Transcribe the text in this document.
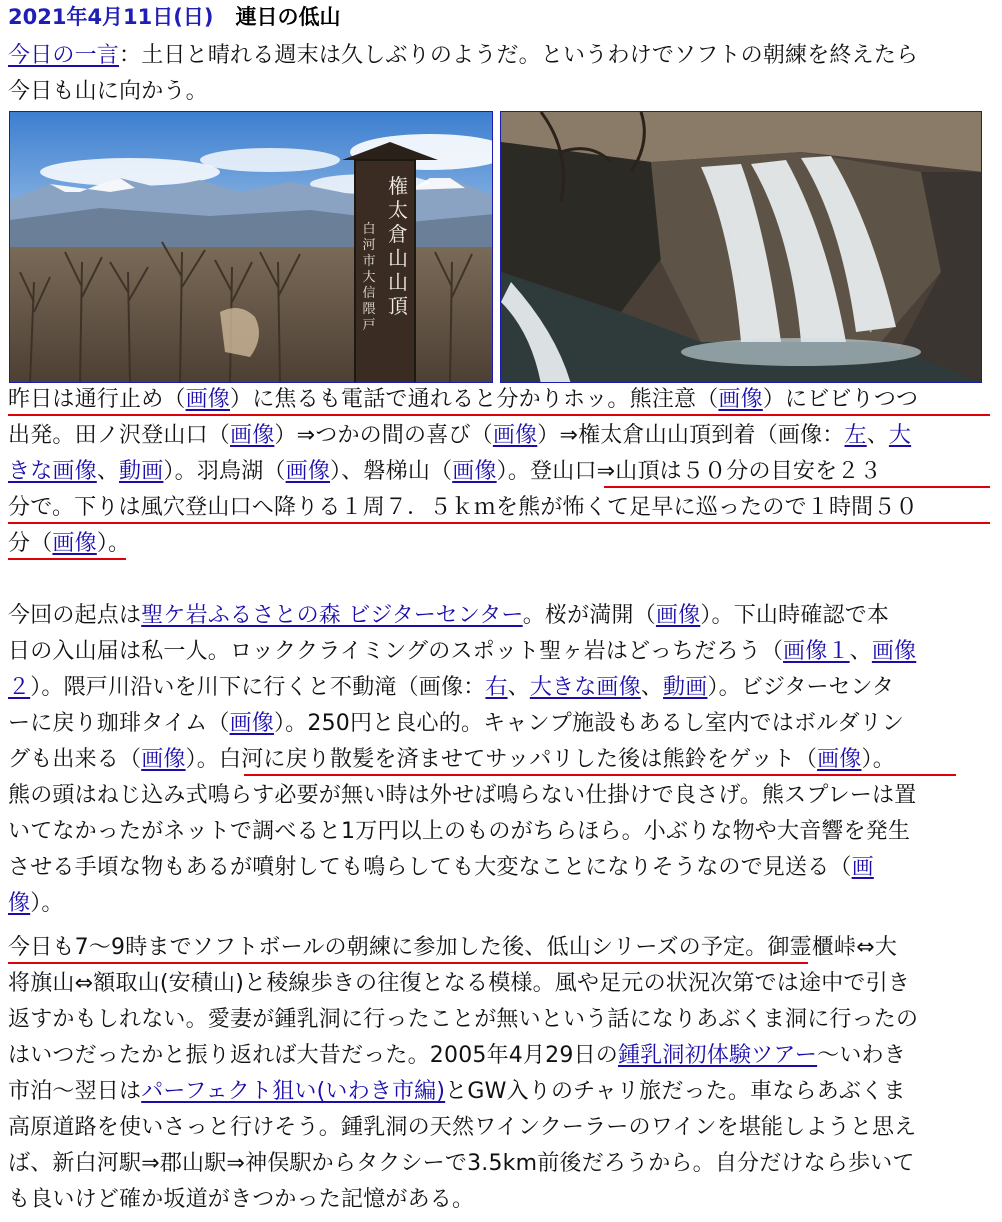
2021年4月11日(日) 連日の低山
今日の一言：土日と晴れる週末は久しぶりのようだ。というわけでソフトの朝練を終えたら
今日も山に向かう。
権太倉山山頂
白河市 大信隈戸
昨日は通行止め（画像）に焦るも電話で通れると分かりホッ。熊注意（画像）にビビりつつ
出発。田ノ沢登山口（画像）⇒つかの間の喜び（画像）⇒権太倉山山頂到着（画像：左、大
きな画像、動画）。羽鳥湖（画像）、磐梯山（画像）。登山口⇒山頂は５０分の目安を２３
分で。下りは風穴登山口へ降りる１周７．５ｋｍを熊が怖くて足早に巡ったので１時間５０
分（画像）。
今回の起点は聖ケ岩ふるさとの森 ビジターセンター。桜が満開（画像）。下山時確認で本
日の入山届は私一人。ロッククライミングのスポット聖ヶ岩はどっちだろう（画像１、画像
２）。隈戸川沿いを川下に行くと不動滝（画像：右、大きな画像、動画）。ビジターセンタ
ーに戻り珈琲タイム（画像）。250円と良心的。キャンプ施設もあるし室内ではボルダリン
グも出来る（画像）。白河に戻り散髪を済ませてサッパリした後は熊鈴をゲット（画像）。
熊の頭はねじ込み式鳴らす必要が無い時は外せば鳴らない仕掛けで良さげ。熊スプレーは置
いてなかったがネットで調べると1万円以上のものがちらほら。小ぶりな物や大音響を発生
させる手頃な物もあるが噴射しても鳴らしても大変なことになりそうなので見送る（画
像）。
今日も7～9時までソフトボールの朝練に参加した後、低山シリーズの予定。御霊櫃峠⇔大
将旗山⇔額取山(安積山)と稜線歩きの往復となる模様。風や足元の状況次第では途中で引き
返すかもしれない。愛妻が鍾乳洞に行ったことが無いという話になりあぶくま洞に行ったの
はいつだったかと振り返れば大昔だった。2005年4月29日の鍾乳洞初体験ツアー～いわき
市泊～翌日はパーフェクト狙い(いわき市編)とGW入りのチャリ旅だった。車ならあぶくま
高原道路を使いさっと行けそう。鍾乳洞の天然ワインクーラーのワインを堪能しようと思え
ば、新白河駅⇒郡山駅⇒神俣駅からタクシーで3.5km前後だろうから。自分だけなら歩いて
も良いけど確か坂道がきつかった記憶がある。
